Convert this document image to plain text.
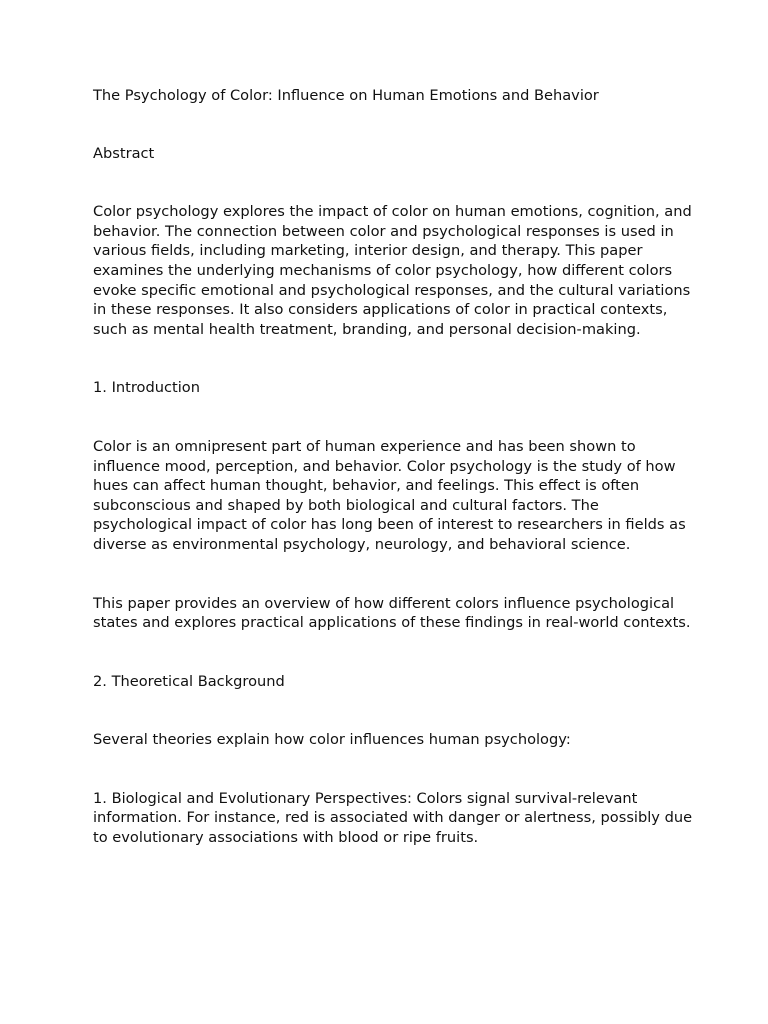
The Psychology of Color: Influence on Human Emotions and Behavior

Abstract

Color psychology explores the impact of color on human emotions, cognition, and behavior. The connection between color and psychological responses is used in various fields, including marketing, interior design, and therapy. This paper examines the underlying mechanisms of color psychology, how different colors evoke specific emotional and psychological responses, and the cultural variations in these responses. It also considers applications of color in practical contexts, such as mental health treatment, branding, and personal decision-making.

1. Introduction

Color is an omnipresent part of human experience and has been shown to influence mood, perception, and behavior. Color psychology is the study of how hues can affect human thought, behavior, and feelings. This effect is often subconscious and shaped by both biological and cultural factors. The psychological impact of color has long been of interest to researchers in fields as diverse as environmental psychology, neurology, and behavioral science.

This paper provides an overview of how different colors influence psychological states and explores practical applications of these findings in real-world contexts.

2. Theoretical Background

Several theories explain how color influences human psychology:

1. Biological and Evolutionary Perspectives: Colors signal survival-relevant information. For instance, red is associated with danger or alertness, possibly due to evolutionary associations with blood or ripe fruits.
